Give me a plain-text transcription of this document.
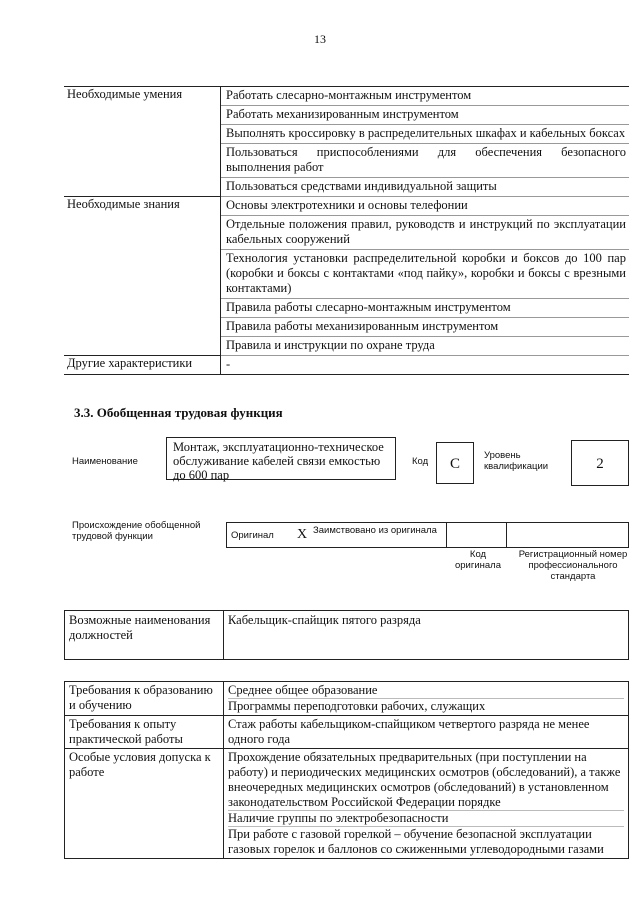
13
Необходимые умения	Работать слесарно-монтажным инструментом
	Работать механизированным инструментом
	Выполнять кроссировку в распределительных шкафах и кабельных боксах
	Пользоваться приспособлениями для обеспечения безопасного выполнения работ
	Пользоваться средствами индивидуальной защиты
Необходимые знания	Основы электротехники и основы телефонии
	Отдельные положения правил, руководств и инструкций по эксплуатации кабельных сооружений
	Технология установки распределительной коробки и боксов до 100 пар (коробки и боксы с контактами «под пайку», коробки и боксы с врезными контактами)
	Правила работы слесарно-монтажным инструментом
	Правила работы механизированным инструментом
	Правила и инструкции по охране труда
Другие характеристики	-
3.3. Обобщенная трудовая функция
Наименование
Монтаж, эксплуатационно-техническое обслуживание кабелей связи емкостью до 600 пар
Код	С
Уровень квалификации	2
Происхождение обобщенной трудовой функции	Оригинал X Заимствовано из оригинала
Код оригинала
Регистрационный номер профессионального стандарта
Возможные наименования должностей	Кабельщик-спайщик пятого разряда
Требования к образованию и обучению	Среднее общее образование
Программы переподготовки рабочих, служащих

Требования к опыту практической работы	Стаж работы кабельщиком-спайщиком четвертого разряда не менее одного года
Особые условия допуска к работе	Прохождение обязательных предварительных (при поступлении на работу) и периодических медицинских осмотров (обследований), а также внеочередных медицинских осмотров (обследований) в установленном законодательством Российской Федерации порядке
Наличие группы по электробезопасности
При работе с газовой горелкой – обучение безопасной эксплуатации газовых горелок и баллонов со сжиженными углеводородными газами
